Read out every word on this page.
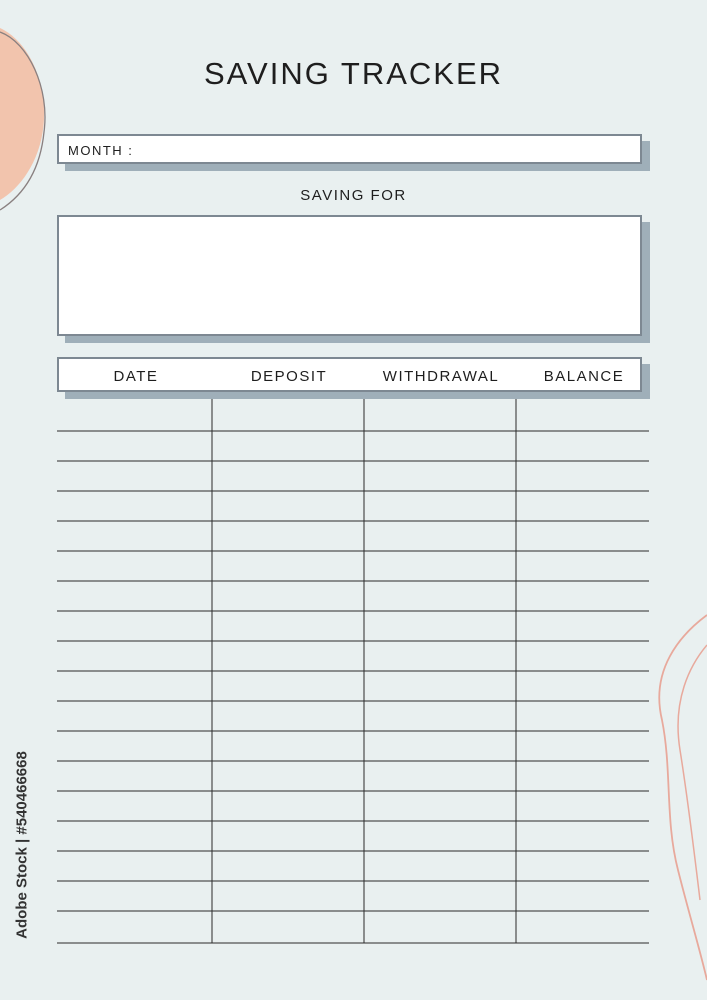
SAVING TRACKER
MONTH :
SAVING FOR
DATE	DEPOSIT	WITHDRAWAL	BALANCE
Adobe Stock | #540466668
